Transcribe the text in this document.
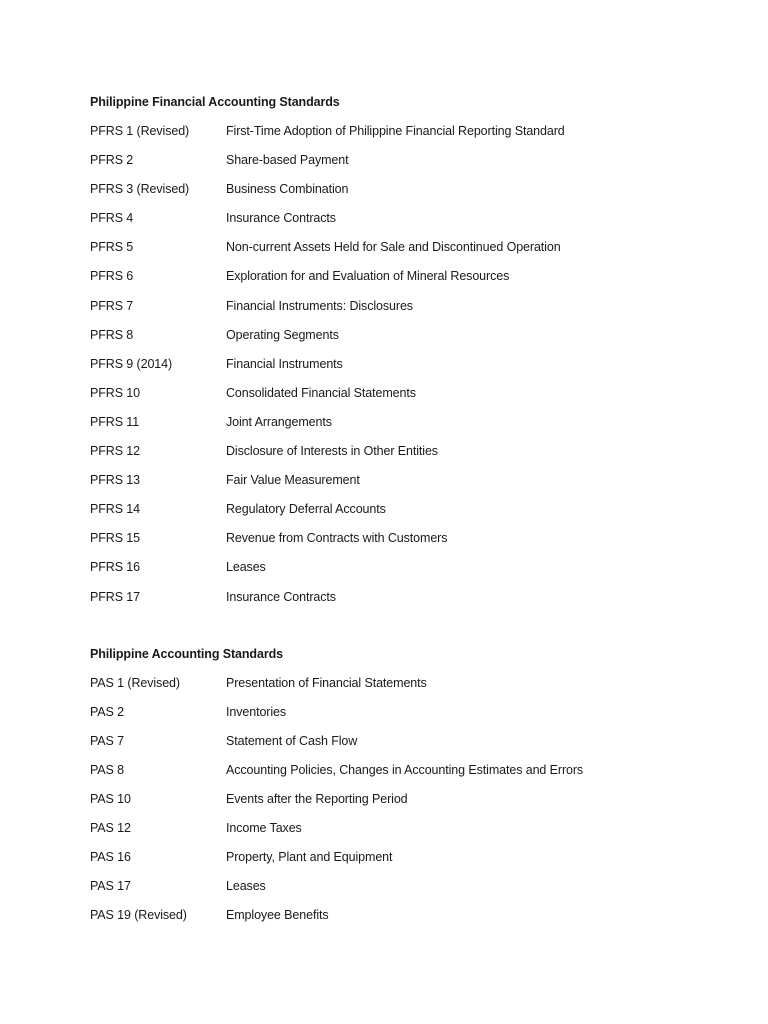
Philippine Financial Accounting Standards
PFRS 1 (Revised)	First-Time Adoption of Philippine Financial Reporting Standard
PFRS 2	Share-based Payment
PFRS 3 (Revised)	Business Combination
PFRS 4	Insurance Contracts
PFRS 5	Non-current Assets Held for Sale and Discontinued Operation
PFRS 6	Exploration for and Evaluation of Mineral Resources
PFRS 7	Financial Instruments: Disclosures
PFRS 8	Operating Segments
PFRS 9 (2014)	Financial Instruments
PFRS 10	Consolidated Financial Statements
PFRS 11	Joint Arrangements
PFRS 12	Disclosure of Interests in Other Entities
PFRS 13	Fair Value Measurement
PFRS 14	Regulatory Deferral Accounts
PFRS 15	Revenue from Contracts with Customers
PFRS 16	Leases
PFRS 17	Insurance Contracts
Philippine Accounting Standards
PAS 1 (Revised)	Presentation of Financial Statements
PAS 2	Inventories
PAS 7	Statement of Cash Flow
PAS 8	Accounting Policies, Changes in Accounting Estimates and Errors
PAS 10	Events after the Reporting Period
PAS 12	Income Taxes
PAS 16	Property, Plant and Equipment
PAS 17	Leases
PAS 19 (Revised)	Employee Benefits
